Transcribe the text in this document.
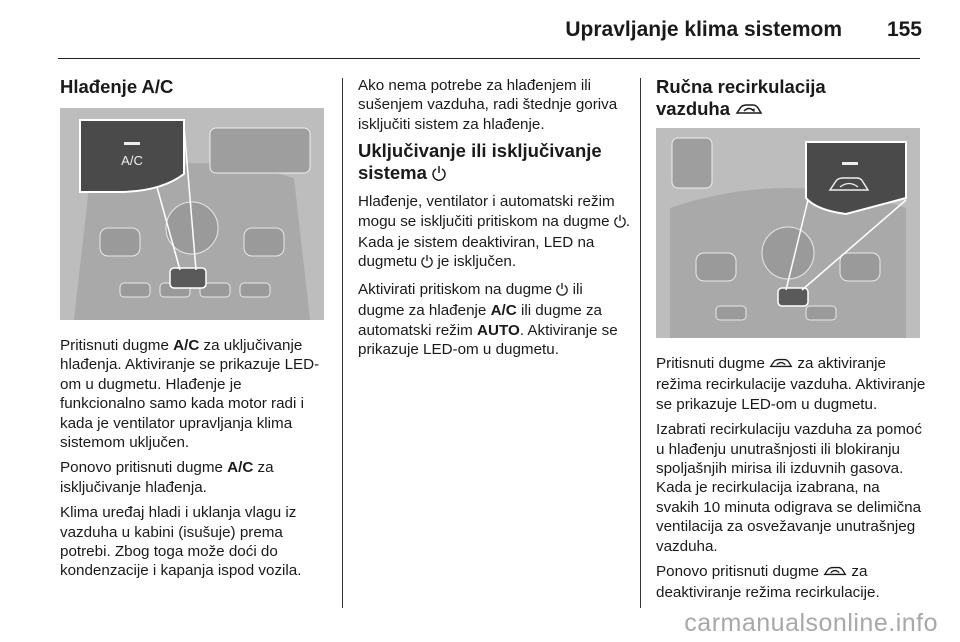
Upravljanje klima sistemom 155
Hlađenje A/C
A/C

Pritisnuti dugme A/C za uključivanje hlađenja. Aktiviranje se prikazuje LED-om u dugmetu. Hlađenje je funkcionalno samo kada motor radi i kada je ventilator upravljanja klima sistemom uključen.

Ponovo pritisnuti dugme A/C za isključivanje hlađenja.

Klima uređaj hladi i uklanja vlagu iz vazduha u kabini (isušuje) prema potrebi. Zbog toga može doći do kondenzacije i kapanja ispod vozila.

Ako nema potrebe za hlađenjem ili sušenjem vazduha, radi štednje goriva isključiti sistem za hlađenje.

Uključivanje ili isključivanje
sistema

Hlađenje, ventilator i automatski režim mogu se isključiti pritiskom na dugme . Kada je sistem deaktiviran, LED na dugmetu  je isključen.

Aktivirati pritiskom na dugme  ili dugme za hlađenje A/C ili dugme za automatski režim AUTO. Aktiviranje se prikazuje LED-om u dugmetu.

Ručna recirkulacija
vazduha

Pritisnuti dugme  za aktiviranje režima recirkulacije vazduha. Aktiviranje se prikazuje LED-om u dugmetu.

Izabrati recirkulaciju vazduha za pomoć u hlađenju unutrašnjosti ili blokiranju spoljašnjih mirisa ili izduvnih gasova. Kada je recirkulacija izabrana, na svakih 10 minuta odigrava se delimična ventilacija za osvežavanje unutrašnjeg vazduha.

Ponovo pritisnuti dugme  za deaktiviranje režima recirkulacije.

carmanualsonline.info
